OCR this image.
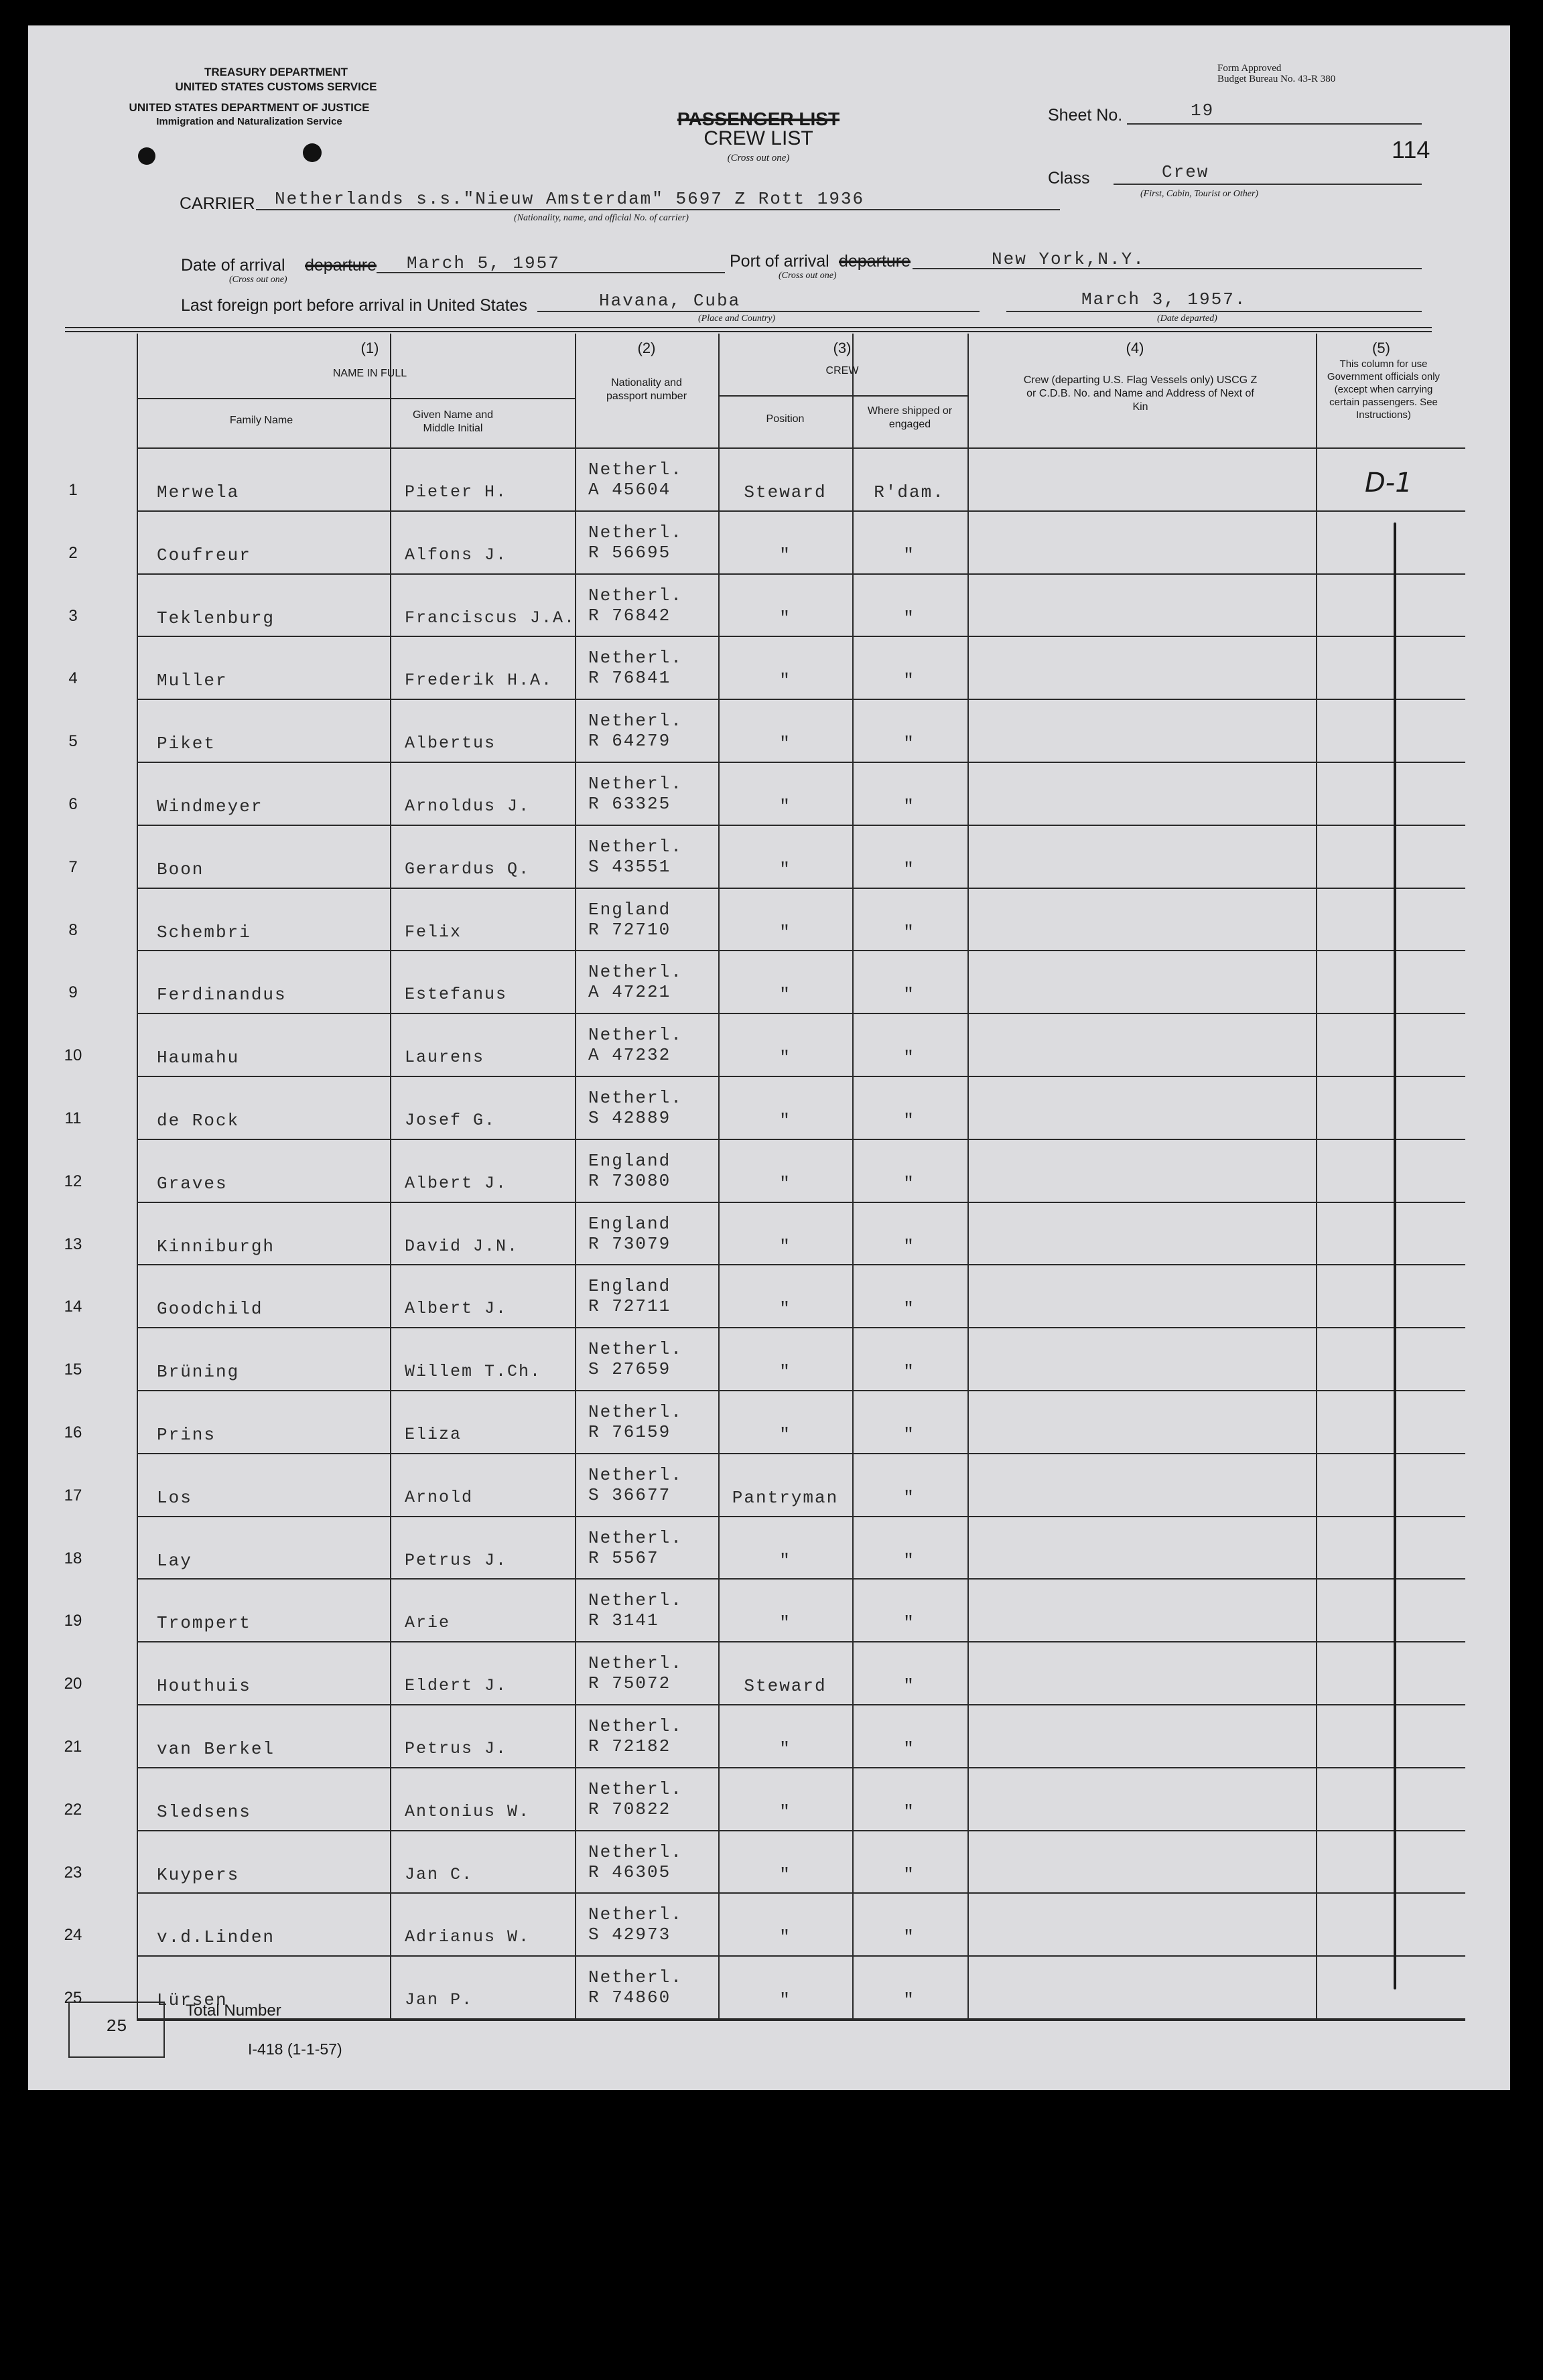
TREASURY DEPARTMENT
UNITED STATES CUSTOMS SERVICE
UNITED STATES DEPARTMENT OF JUSTICE
Immigration and Naturalization Service
Form Approved
Budget Bureau No. 43-R 380
PASSENGER LIST
CREW LIST
(Cross out one)
Sheet No.	19
114
Class	Crew
(First, Cabin, Tourist or Other)
CARRIER Netherlands s.s."Nieuw Amsterdam" 5697 Z Rott 1936
(Nationality, name, and official No. of carrier)
Date of arrival departure March 5, 1957
(Cross out one)
Port of arrival departure	New York,N.Y.
(Cross out one)
Last foreign port before arrival in United States	Havana, Cuba
(Place and Country)
March 3, 1957.
(Date departed)
(1)
NAME IN FULL
Family Name	Given Name and Middle Initial
(2)
Nationality and passport number
(3)
CREW
Position
Where shipped or engaged
(4)
Crew (departing U.S. Flag Vessels only) USCG Z or C.D.B. No. and Name and Address of Next of Kin
(5)
This column for use Government officials only (except when carrying certain passengers. See Instructions)
1	Merwela	Pieter H.
Netherl.
A 45604	Steward	R'dam.
2	Coufreur	Alfons J.
Netherl.
R 56695	"	"
3	Teklenburg	Franciscus J.A.
Netherl.
R 76842	"	"
4	Muller	Frederik H.A.
Netherl.
R 76841	"	"
5	Piket	Albertus
Netherl.
R 64279	"	"
6	Windmeyer	Arnoldus J.
Netherl.
R 63325	"	"
7	Boon	Gerardus Q.
Netherl.
S 43551	"	"
8	Schembri	Felix
England
R 72710	"	"
9	Ferdinandus	Estefanus
Netherl.
A 47221	"	"
10	Haumahu	Laurens
Netherl.
A 47232	"	"
11	de Rock	Josef G.
Netherl.
S 42889	"	"
12	Graves	Albert J.
England
R 73080	"	"
13	Kinniburgh	David J.N.
England
R 73079	"	"
14	Goodchild	Albert J.
England
R 72711	"	"
15	Brüning	Willem T.Ch.
Netherl.
S 27659	"	"
16	Prins	Eliza
Netherl.
R 76159	"	"
17	Los	Arnold
Netherl.
S 36677	Pantryman	"
18	Lay	Petrus J.
Netherl.
R 5567	"	"
19	Trompert	Arie
Netherl.
R 3141	"	"
20	Houthuis	Eldert J.
Netherl.
R 75072	Steward	"
21	van Berkel	Petrus J.
Netherl.
R 72182	"	"
22	Sledsens	Antonius W.
Netherl.
R 70822	"	"
23	Kuypers	Jan C.
Netherl.
R 46305	"	"
24	v.d.Linden	Adrianus W.
Netherl.
S 42973	"	"
25	Lürsen	Jan P.
Netherl.
R 74860	"	"
D-1
25
Total Number
I-418 (1-1-57)
